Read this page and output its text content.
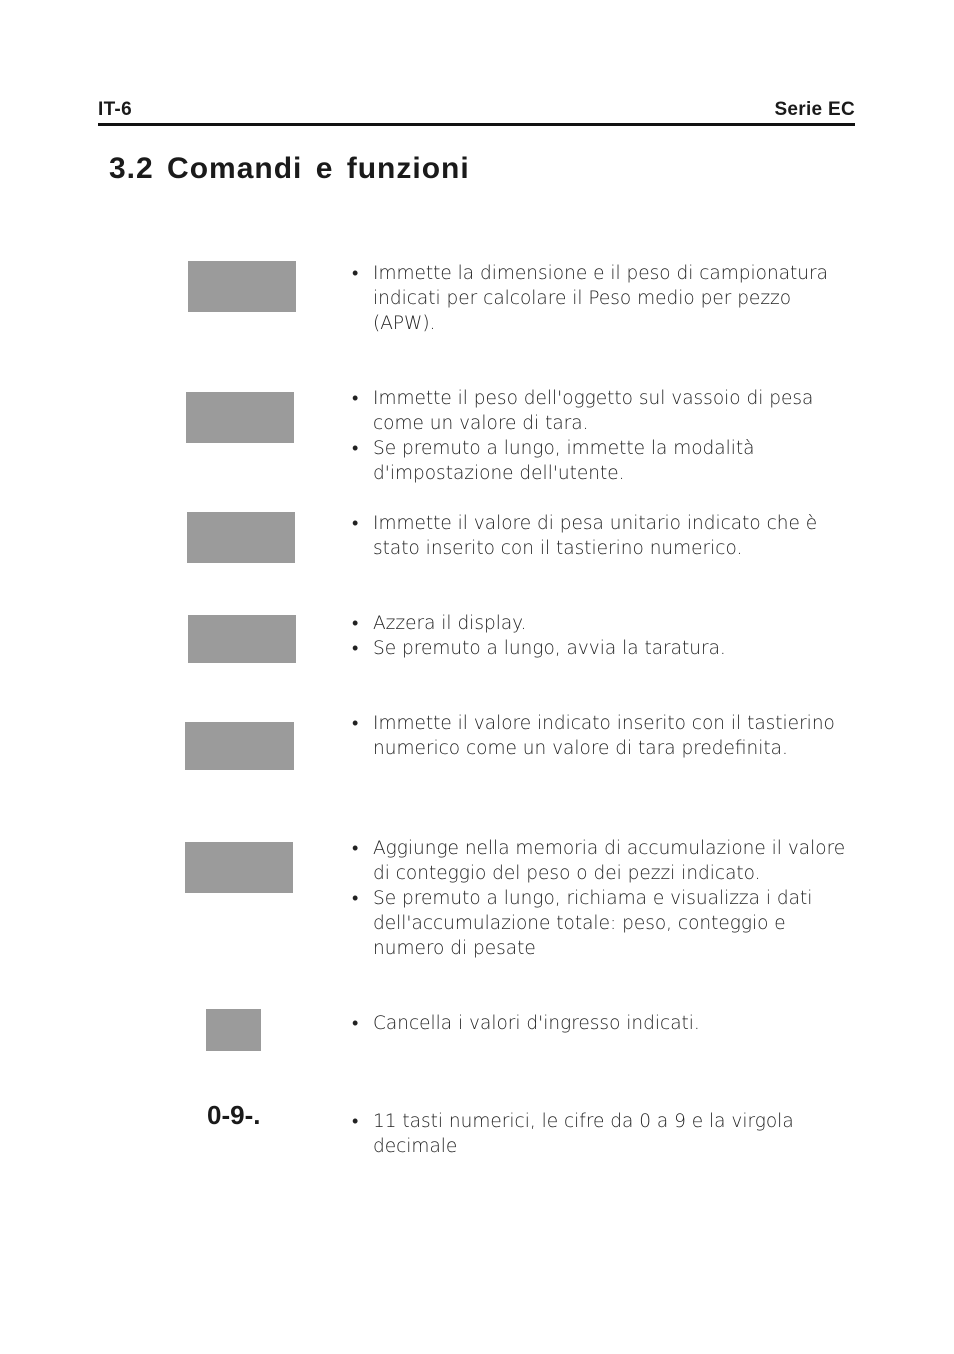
IT-6	Serie EC
3.2 Comandi e funzioni
• Immette la dimensione e il peso di campionatura indicati per calcolare il Peso medio per pezzo (APW).
• Immette il peso dell'oggetto sul vassoio di pesa come un valore di tara.
• Se premuto a lungo, immette la modalità d'impostazione dell'utente.
• Immette il valore di pesa unitario indicato che è stato inserito con il tastierino numerico.
• Azzera il display.
• Se premuto a lungo, avvia la taratura.
• Immette il valore indicato inserito con il tastierino numerico come un valore di tara predefinita.
• Aggiunge nella memoria di accumulazione il valore di conteggio del peso o dei pezzi indicato.
• Se premuto a lungo, richiama e visualizza i dati dell'accumulazione totale: peso, conteggio e numero di pesate
• Cancella i valori d'ingresso indicati.
0-9-.
•	11 tasti numerici, le cifre da 0 a 9 e la virgola decimale
